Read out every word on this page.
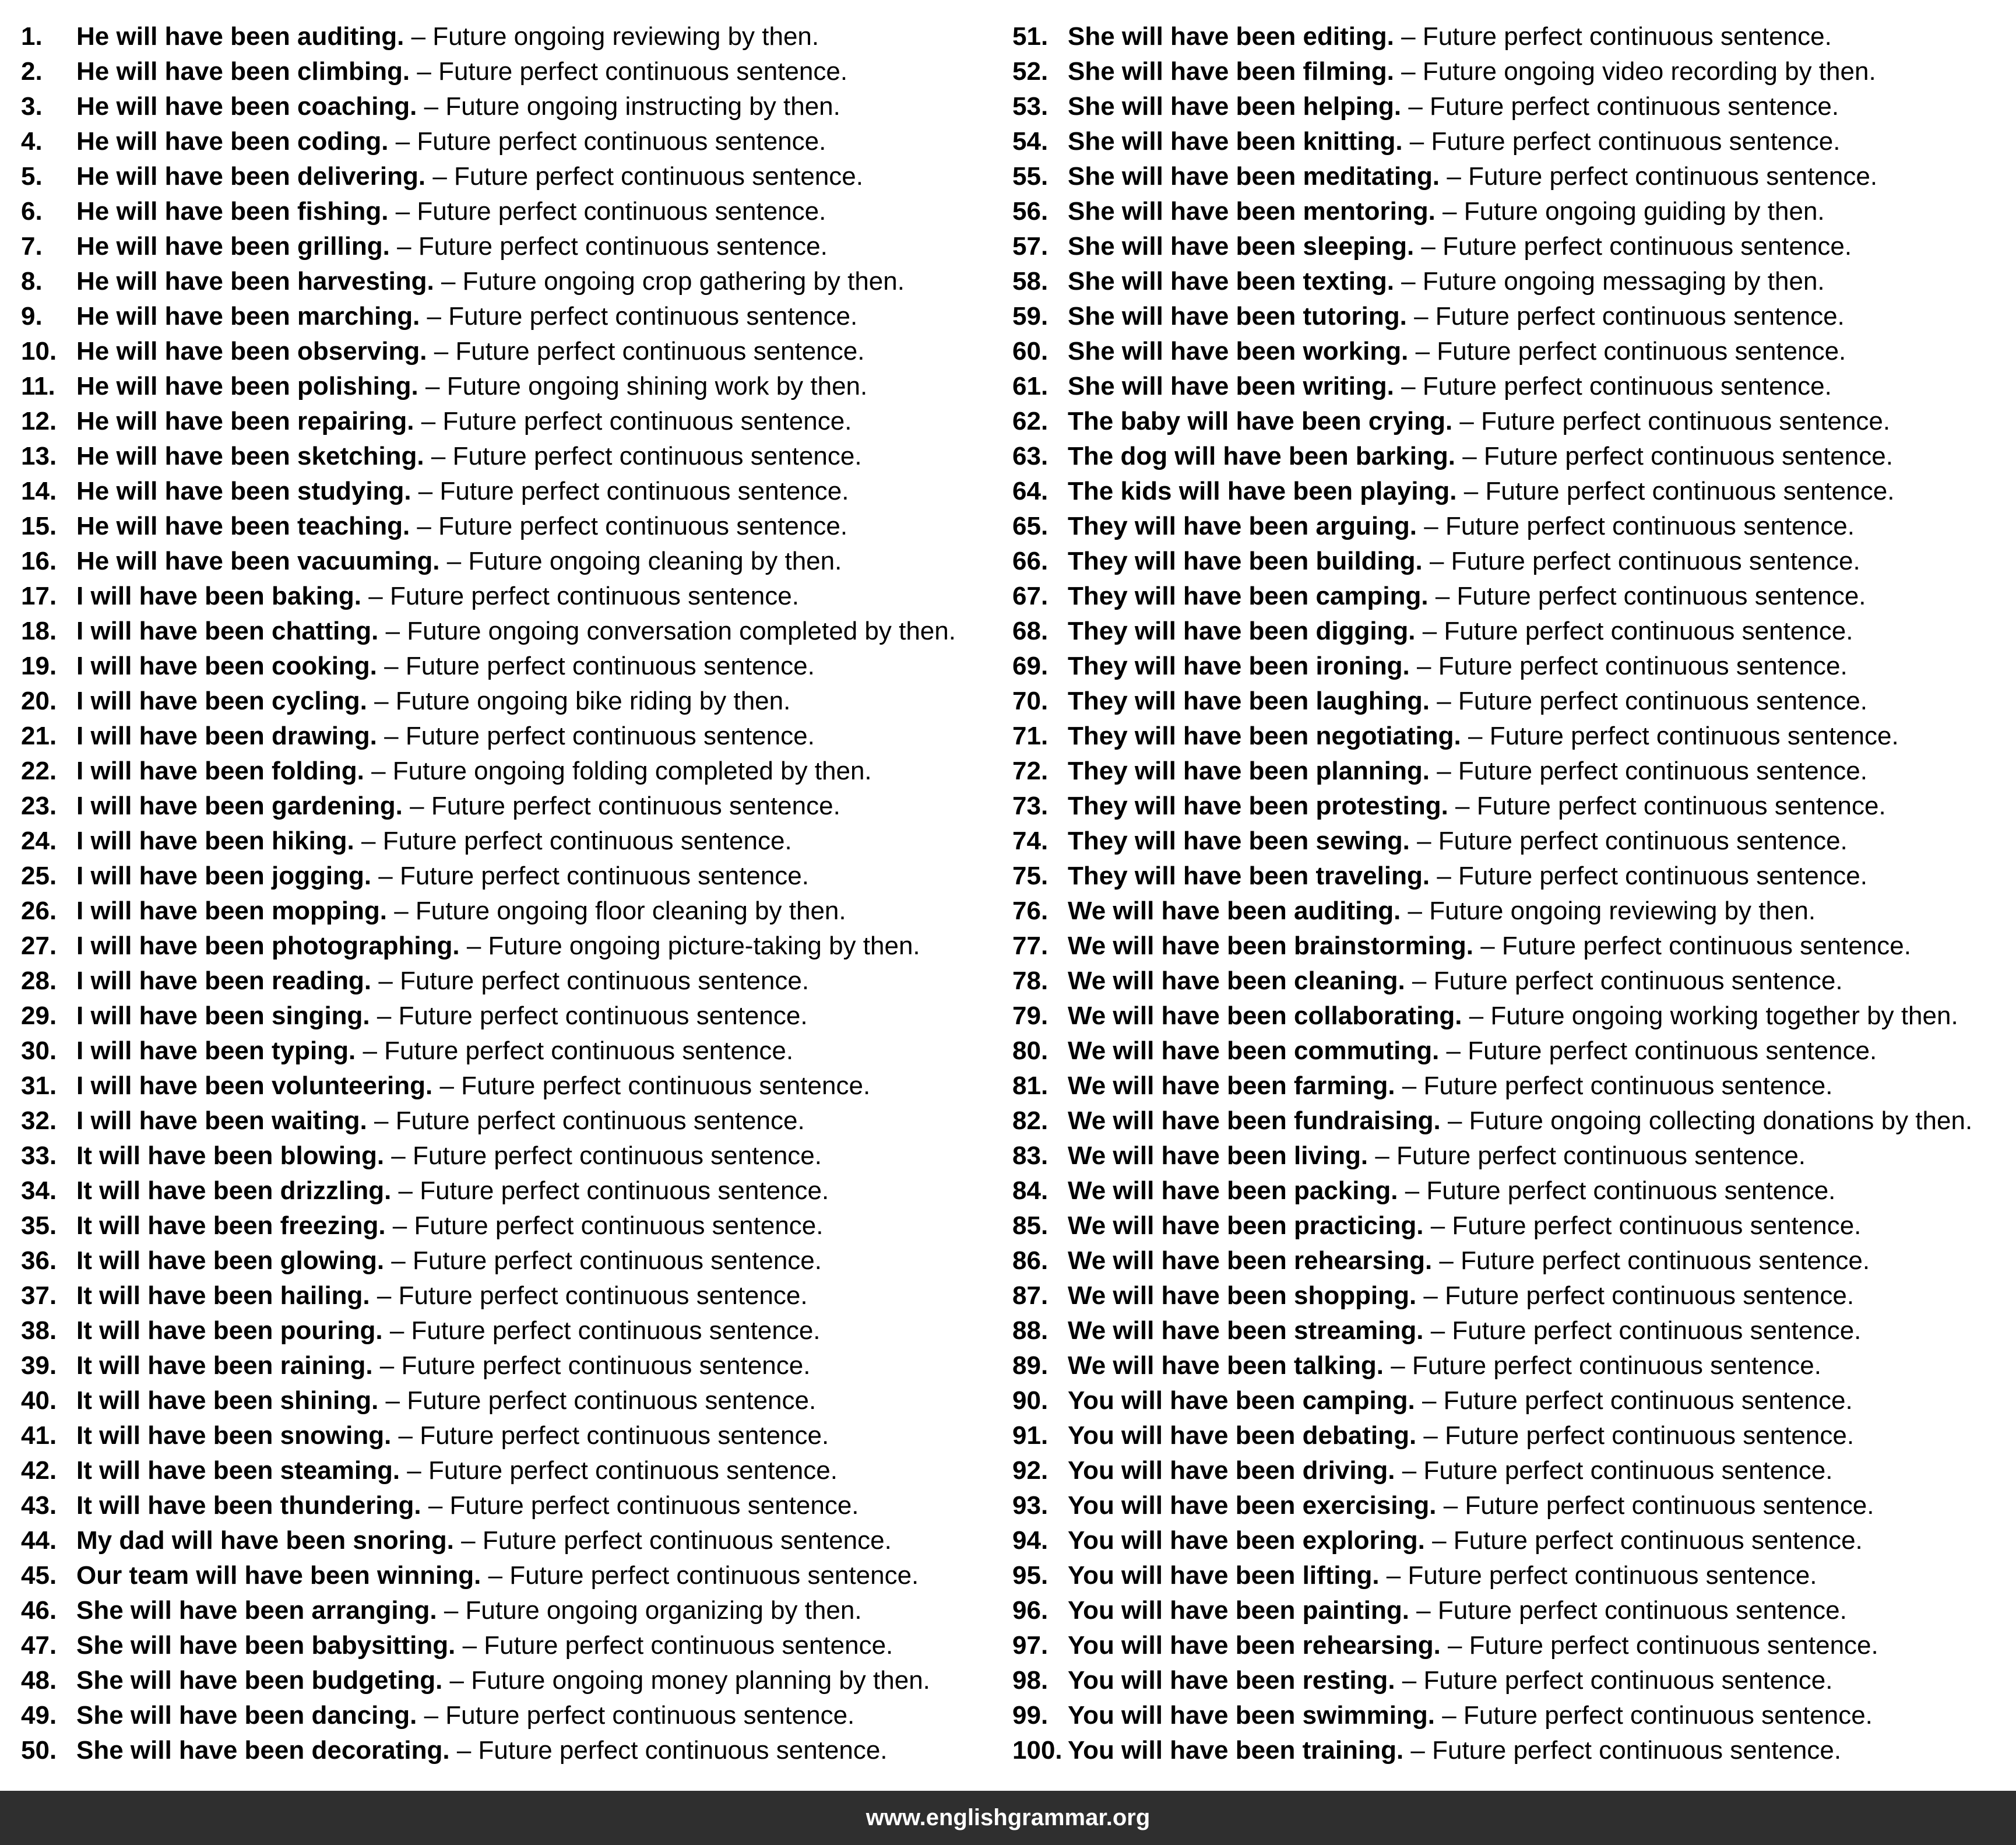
1. He will have been auditing. – Future ongoing reviewing by then.
2. He will have been climbing. – Future perfect continuous sentence.
3. He will have been coaching. – Future ongoing instructing by then.
4. He will have been coding. – Future perfect continuous sentence.
5. He will have been delivering. – Future perfect continuous sentence.
6. He will have been fishing. – Future perfect continuous sentence.
7. He will have been grilling. – Future perfect continuous sentence.
8. He will have been harvesting. – Future ongoing crop gathering by then.
9. He will have been marching. – Future perfect continuous sentence.
10. He will have been observing. – Future perfect continuous sentence.
11. He will have been polishing. – Future ongoing shining work by then.
12. He will have been repairing. – Future perfect continuous sentence.
13. He will have been sketching. – Future perfect continuous sentence.
14. He will have been studying. – Future perfect continuous sentence.
15. He will have been teaching. – Future perfect continuous sentence.
16. He will have been vacuuming. – Future ongoing cleaning by then.
17. I will have been baking. – Future perfect continuous sentence.
18. I will have been chatting. – Future ongoing conversation completed by then.
19. I will have been cooking. – Future perfect continuous sentence.
20. I will have been cycling. – Future ongoing bike riding by then.
21. I will have been drawing. – Future perfect continuous sentence.
22. I will have been folding. – Future ongoing folding completed by then.
23. I will have been gardening. – Future perfect continuous sentence.
24. I will have been hiking. – Future perfect continuous sentence.
25. I will have been jogging. – Future perfect continuous sentence.
26. I will have been mopping. – Future ongoing floor cleaning by then.
27. I will have been photographing. – Future ongoing picture-taking by then.
28. I will have been reading. – Future perfect continuous sentence.
29. I will have been singing. – Future perfect continuous sentence.
30. I will have been typing. – Future perfect continuous sentence.
31. I will have been volunteering. – Future perfect continuous sentence.
32. I will have been waiting. – Future perfect continuous sentence.
33. It will have been blowing. – Future perfect continuous sentence.
34. It will have been drizzling. – Future perfect continuous sentence.
35. It will have been freezing. – Future perfect continuous sentence.
36. It will have been glowing. – Future perfect continuous sentence.
37. It will have been hailing. – Future perfect continuous sentence.
38. It will have been pouring. – Future perfect continuous sentence.
39. It will have been raining. – Future perfect continuous sentence.
40. It will have been shining. – Future perfect continuous sentence.
41. It will have been snowing. – Future perfect continuous sentence.
42. It will have been steaming. – Future perfect continuous sentence.
43. It will have been thundering. – Future perfect continuous sentence.
44. My dad will have been snoring. – Future perfect continuous sentence.
45. Our team will have been winning. – Future perfect continuous sentence.
46. She will have been arranging. – Future ongoing organizing by then.
47. She will have been babysitting. – Future perfect continuous sentence.
48. She will have been budgeting. – Future ongoing money planning by then.
49. She will have been dancing. – Future perfect continuous sentence.
50. She will have been decorating. – Future perfect continuous sentence.
51. She will have been editing. – Future perfect continuous sentence.
52. She will have been filming. – Future ongoing video recording by then.
53. She will have been helping. – Future perfect continuous sentence.
54. She will have been knitting. – Future perfect continuous sentence.
55. She will have been meditating. – Future perfect continuous sentence.
56. She will have been mentoring. – Future ongoing guiding by then.
57. She will have been sleeping. – Future perfect continuous sentence.
58. She will have been texting. – Future ongoing messaging by then.
59. She will have been tutoring. – Future perfect continuous sentence.
60. She will have been working. – Future perfect continuous sentence.
61. She will have been writing. – Future perfect continuous sentence.
62. The baby will have been crying. – Future perfect continuous sentence.
63. The dog will have been barking. – Future perfect continuous sentence.
64. The kids will have been playing. – Future perfect continuous sentence.
65. They will have been arguing. – Future perfect continuous sentence.
66. They will have been building. – Future perfect continuous sentence.
67. They will have been camping. – Future perfect continuous sentence.
68. They will have been digging. – Future perfect continuous sentence.
69. They will have been ironing. – Future perfect continuous sentence.
70. They will have been laughing. – Future perfect continuous sentence.
71. They will have been negotiating. – Future perfect continuous sentence.
72. They will have been planning. – Future perfect continuous sentence.
73. They will have been protesting. – Future perfect continuous sentence.
74. They will have been sewing. – Future perfect continuous sentence.
75. They will have been traveling. – Future perfect continuous sentence.
76. We will have been auditing. – Future ongoing reviewing by then.
77. We will have been brainstorming. – Future perfect continuous sentence.
78. We will have been cleaning. – Future perfect continuous sentence.
79. We will have been collaborating. – Future ongoing working together by then.
80. We will have been commuting. – Future perfect continuous sentence.
81. We will have been farming. – Future perfect continuous sentence.
82. We will have been fundraising. – Future ongoing collecting donations by then.
83. We will have been living. – Future perfect continuous sentence.
84. We will have been packing. – Future perfect continuous sentence.
85. We will have been practicing. – Future perfect continuous sentence.
86. We will have been rehearsing. – Future perfect continuous sentence.
87. We will have been shopping. – Future perfect continuous sentence.
88. We will have been streaming. – Future perfect continuous sentence.
89. We will have been talking. – Future perfect continuous sentence.
90. You will have been camping. – Future perfect continuous sentence.
91. You will have been debating. – Future perfect continuous sentence.
92. You will have been driving. – Future perfect continuous sentence.
93. You will have been exercising. – Future perfect continuous sentence.
94. You will have been exploring. – Future perfect continuous sentence.
95. You will have been lifting. – Future perfect continuous sentence.
96. You will have been painting. – Future perfect continuous sentence.
97. You will have been rehearsing. – Future perfect continuous sentence.
98. You will have been resting. – Future perfect continuous sentence.
99. You will have been swimming. – Future perfect continuous sentence.
100. You will have been training. – Future perfect continuous sentence.
www.englishgrammar.org
